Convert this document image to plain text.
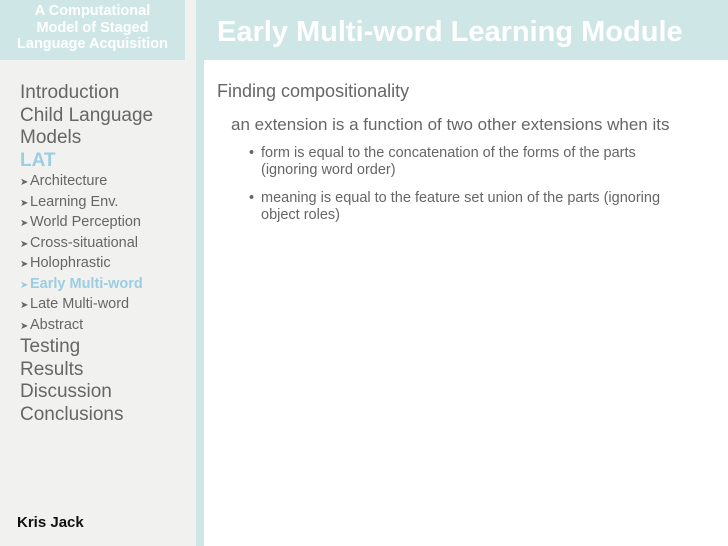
A Computational
Model of Staged
Language Acquisition	Early Multi-word Learning Module
Introduction
Child Language
Models
LAT
➤ Architecture
➤ Learning Env.
➤ World Perception
➤ Cross-situational
➤ Holophrastic
➤ Early Multi-word
➤ Late Multi-word
➤ Abstract
Testing
Results
Discussion
Conclusions
Kris Jack
Finding compositionality
an extension is a function of two other extensions when its
• form is equal to the concatenation of the forms of the parts (ignoring word order)
• meaning is equal to the feature set union of the parts (ignoring object roles)
